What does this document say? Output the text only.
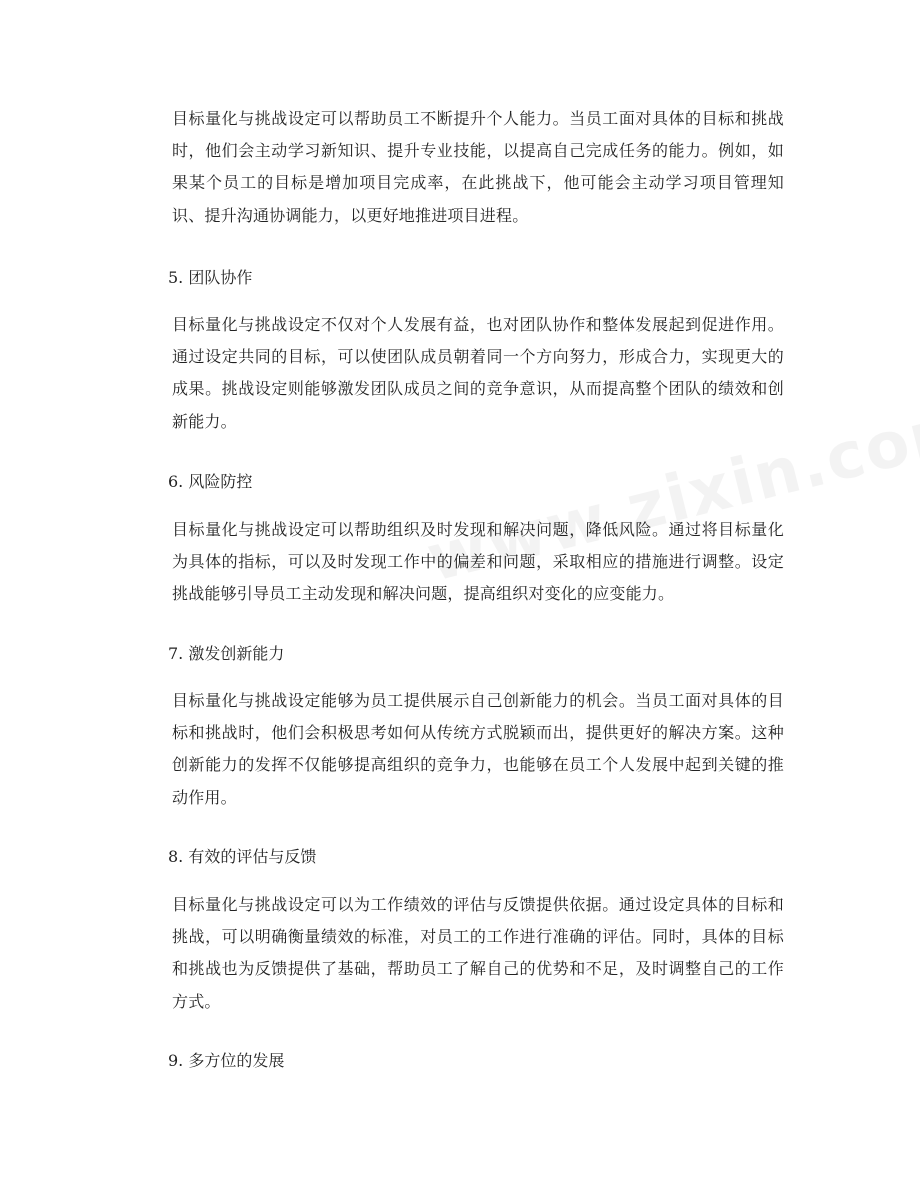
目标量化与挑战设定可以帮助员工不断提升个人能力。当员工面对具体的目标和挑战时，他们会主动学习新知识、提升专业技能，以提高自己完成任务的能力。例如，如果某个员工的目标是增加项目完成率，在此挑战下，他可能会主动学习项目管理知识、提升沟通协调能力，以更好地推进项目进程。

5. 团队协作

目标量化与挑战设定不仅对个人发展有益，也对团队协作和整体发展起到促进作用。通过设定共同的目标，可以使团队成员朝着同一个方向努力，形成合力，实现更大的成果。挑战设定则能够激发团队成员之间的竞争意识，从而提高整个团队的绩效和创新能力。

6. 风险防控

目标量化与挑战设定可以帮助组织及时发现和解决问题，降低风险。通过将目标量化为具体的指标，可以及时发现工作中的偏差和问题，采取相应的措施进行调整。设定挑战能够引导员工主动发现和解决问题，提高组织对变化的应变能力。

7. 激发创新能力

目标量化与挑战设定能够为员工提供展示自己创新能力的机会。当员工面对具体的目标和挑战时，他们会积极思考如何从传统方式脱颖而出，提供更好的解决方案。这种创新能力的发挥不仅能够提高组织的竞争力，也能够在员工个人发展中起到关键的推动作用。

8. 有效的评估与反馈

目标量化与挑战设定可以为工作绩效的评估与反馈提供依据。通过设定具体的目标和挑战，可以明确衡量绩效的标准，对员工的工作进行准确的评估。同时，具体的目标和挑战也为反馈提供了基础，帮助员工了解自己的优势和不足，及时调整自己的工作方式。

9. 多方位的发展
